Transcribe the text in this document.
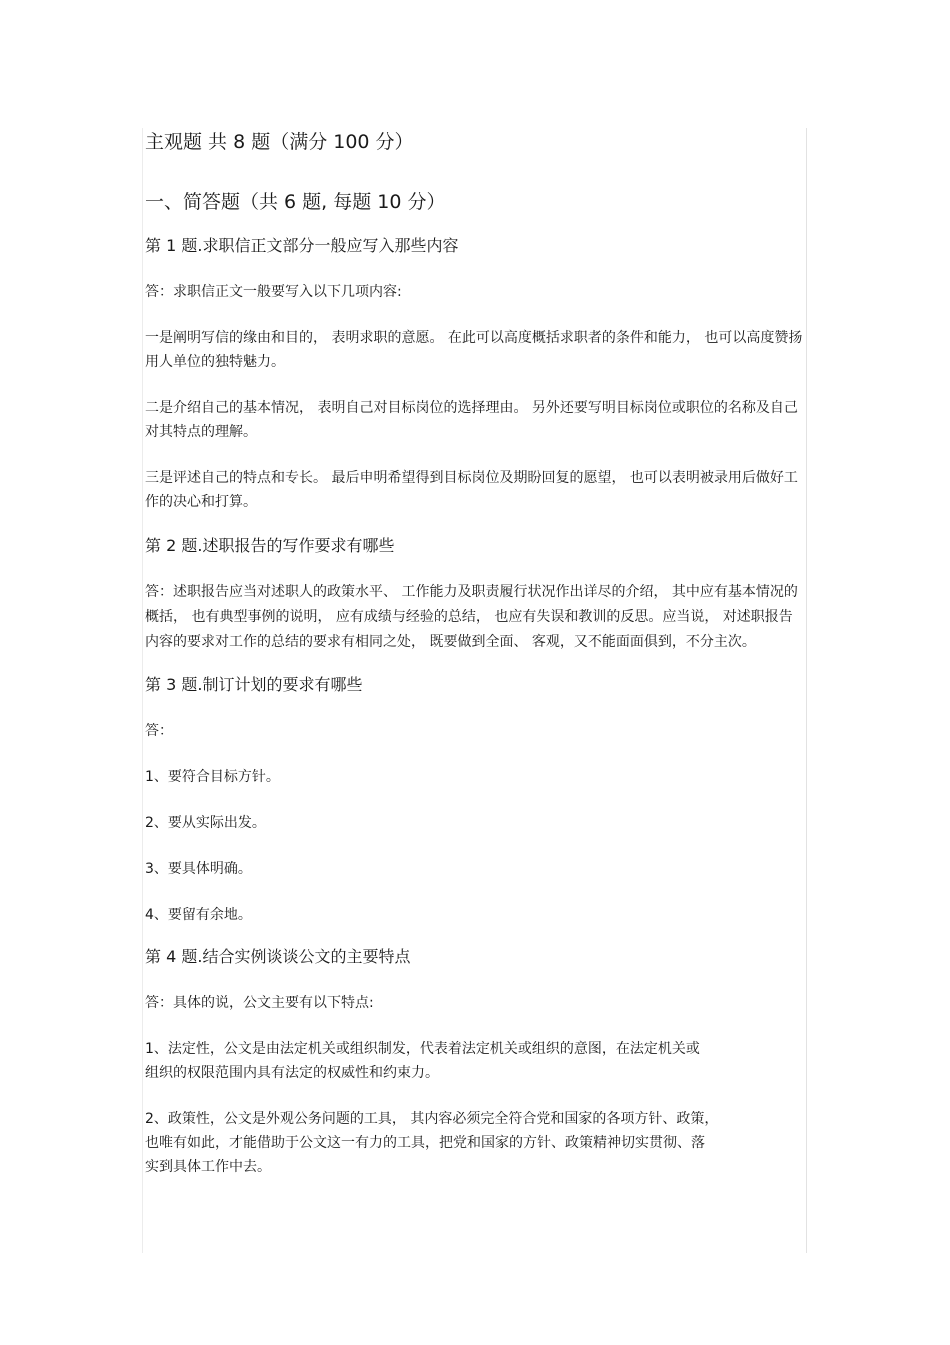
主观题 共 8 题（满分 100 分）
一、简答题（共 6 题, 每题 10 分）
第 1 题.求职信正文部分一般应写入那些内容

答：求职信正文一般要写入以下几项内容:

一是阐明写信的缘由和目的， 表明求职的意愿。 在此可以高度概括求职者的条件和能力， 也可以高度赞扬用人单位的独特魅力。

二是介绍自己的基本情况， 表明自己对目标岗位的选择理由。 另外还要写明目标岗位或职位的名称及自己对其特点的理解。

三是评述自己的特点和专长。 最后申明希望得到目标岗位及期盼回复的愿望， 也可以表明被录用后做好工作的决心和打算。

第 2 题.述职报告的写作要求有哪些

答：述职报告应当对述职人的政策水平、 工作能力及职责履行状况作出详尽的介绍， 其中应有基本情况的概括， 也有典型事例的说明， 应有成绩与经验的总结， 也应有失误和教训的反思。应当说， 对述职报告内容的要求对工作的总结的要求有相同之处， 既要做到全面、 客观，又不能面面俱到，不分主次。

第 3 题.制订计划的要求有哪些

答：

1、要符合目标方针。

2、要从实际出发。

3、要具体明确。

4、要留有余地。

第 4 题.结合实例谈谈公文的主要特点

答：具体的说，公文主要有以下特点:

1、法定性，公文是由法定机关或组织制发，代表着法定机关或组织的意图，在法定机关或
组织的权限范围内具有法定的权威性和约束力。
2、政策性，公文是外观公务问题的工具， 其内容必须完全符合党和国家的各项方针、政策，
也唯有如此，才能借助于公文这一有力的工具，把党和国家的方针、政策精神切实贯彻、落
实到具体工作中去。
